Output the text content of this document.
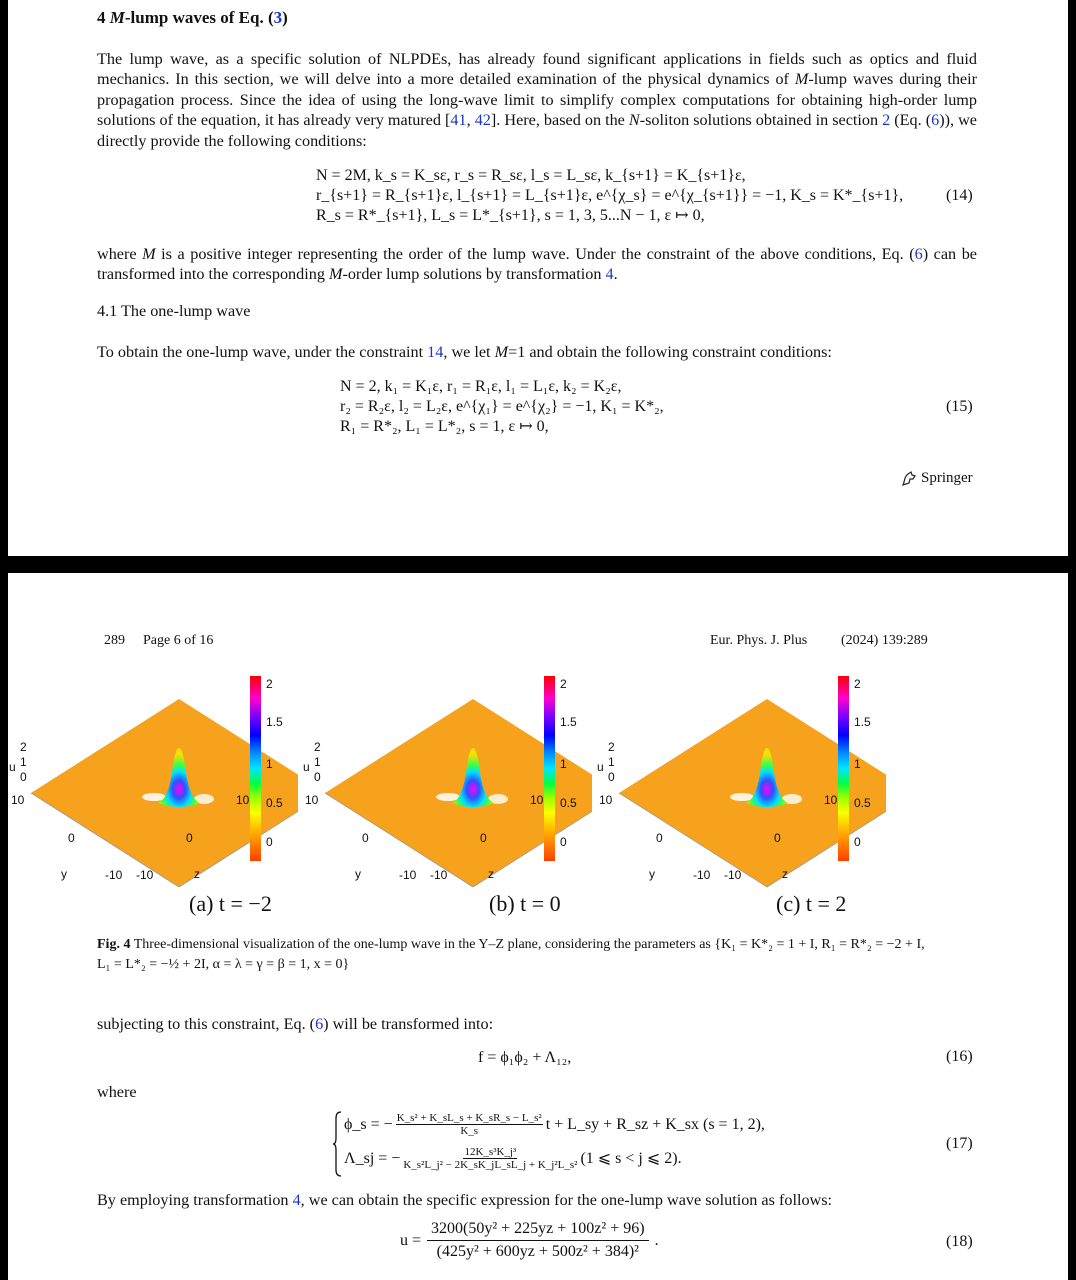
4 M-lump waves of Eq. (3)
The lump wave, as a specific solution of NLPDEs, has already found significant applications in fields such as optics and fluid mechanics. In this section, we will delve into a more detailed examination of the physical dynamics of M-lump waves during their propagation process. Since the idea of using the long-wave limit to simplify complex computations for obtaining high-order lump solutions of the equation, it has already very matured [41, 42]. Here, based on the N-soliton solutions obtained in section 2 (Eq. (6)), we directly provide the following conditions:
N = 2M, k_s = K_sε, r_s = R_sε, l_s = L_sε, k_{s+1} = K_{s+1}ε,
r_{s+1} = R_{s+1}ε, l_{s+1} = L_{s+1}ε, e^{χ_s} = e^{χ_{s+1}} = −1, K_s = K*_{s+1},
R_s = R*_{s+1}, L_s = L*_{s+1}, s = 1, 3, 5...N − 1, ε ↦ 0,
(14)
where M is a positive integer representing the order of the lump wave. Under the constraint of the above conditions, Eq. (6) can be transformed into the corresponding M-order lump solutions by transformation 4.
4.1 The one-lump wave
To obtain the one-lump wave, under the constraint 14, we let M=1 and obtain the following constraint conditions:
N = 2, k₁ = K₁ε, r₁ = R₁ε, l₁ = L₁ε, k₂ = K₂ε,
r₂ = R₂ε, l₂ = L₂ε, e^{χ₁} = e^{χ₂} = −1, K₁ = K*₂,
R₁ = R*₂, L₁ = L*₂, s = 1, ε ↦ 0,
(15)
Springer
289 Page 6 of 16	Eur. Phys. J. Plus (2024) 139:289
u
2
1
0
10
0
-10 -10
0
10
y	z
2
1.5
1
0.5
0
(a) t = −2
u
2
1
0
10
0
-10 -10
0
10
y	z
2
1.5
1
0.5
0
(b) t = 0
u
2
1
0
10
0
-10 -10
0
10
y	z
2
1.5
1
0.5
0
(c) t = 2
Fig. 4 Three-dimensional visualization of the one-lump wave in the Y–Z plane, considering the parameters as {K₁ = K*₂ = 1 + I, R₁ = R*₂ = −2 + I,
L₁ = L*₂ = −½ + 2I, α = λ = γ = β = 1, x = 0}
subjecting to this constraint, Eq. (6) will be transformed into:
f = ϕ₁ϕ₂ + Λ₁₂,	(16)
where
ϕ_s = − $\frac{\text{K\_s² + K\_sL\_s + K\_sR\_s − L\_s²}}{K\_s}$ t + L_sy + R_sz + K_sx (s = 1, 2),
Λ_sj = − $\frac{\text{12K\_s³K\_j³}}{\text{K\_s²L\_j² − 2K\_sK\_jL\_sL\_j + K\_j²L\_s²}} (1$ ⩽ s < j ⩽ 2).
(17)
By employing transformation 4, we can obtain the specific expression for the one-lump wave solution as follows:
$u = \frac{\text{3200(50y² + 225yz + 100z² + 96)}}{\text{(425y² + 600yz + 500z² + 384)²}}$ .	(18)
